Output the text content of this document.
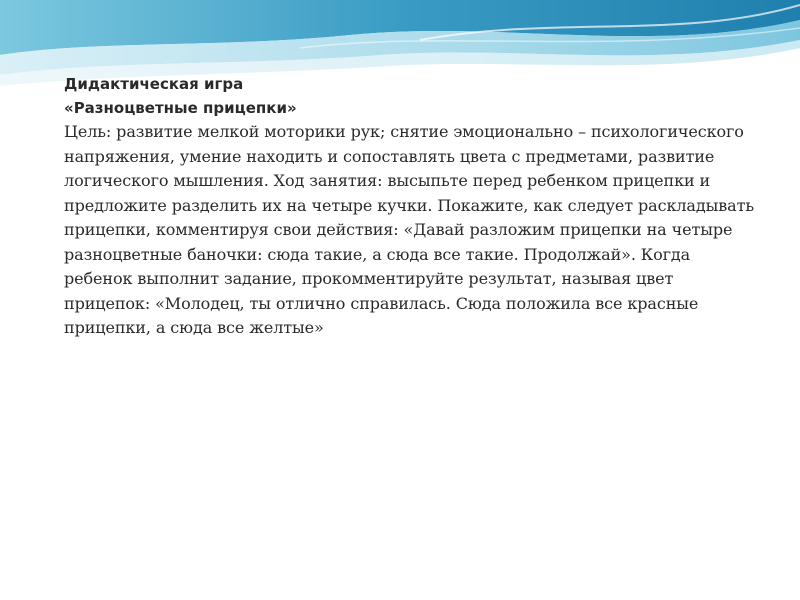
Дидактическая игра

«Разноцветные прицепки»

Цель: развитие мелкой моторики рук; снятие эмоционально – психологического напряжения, умение находить и сопоставлять цвета с предметами, развитие логического мышления. Ход занятия: высыпьте перед ребенком прицепки и предложите разделить их на четыре кучки. Покажите, как следует раскладывать прицепки, комментируя свои действия: «Давай разложим прицепки на четыре разноцветные баночки: сюда такие, а сюда все такие. Продолжай». Когда ребенок выполнит задание, прокомментируйте результат, называя цвет прицепок: «Молодец, ты отлично справилась. Сюда положила все красные прицепки, а сюда все желтые»
